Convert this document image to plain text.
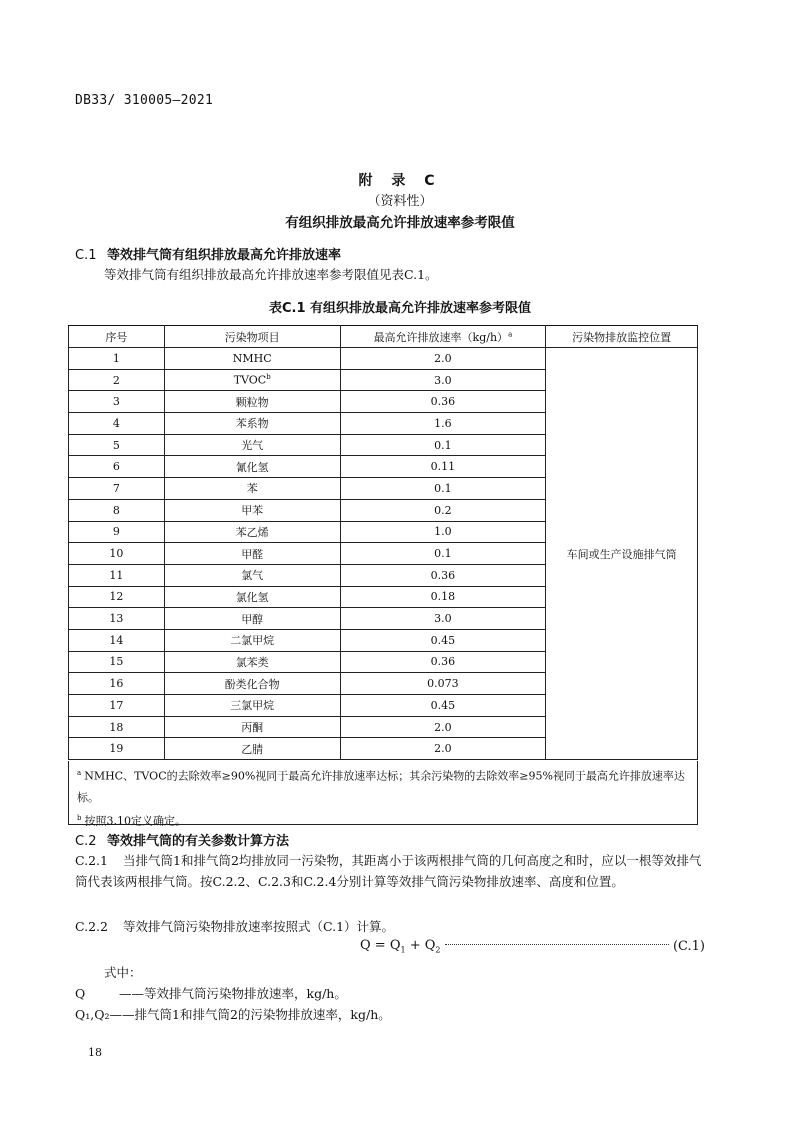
DB33/ 310005—2021
附 录 C
（资料性）
有组织排放最高允许排放速率参考限值
C.1 等效排气筒有组织排放最高允许排放速率
等效排气筒有组织排放最高允许排放速率参考限值见表C.1。
表C.1 有组织排放最高允许排放速率参考限值
序号	污染物项目	最高允许排放速率$(kg/h)^a$	污染物排放监控位置
1	NMHC	2.0	车间或生产设施排气筒
2	TVOC$^b$	3.0	
3	颗粒物	0.36	
4	苯系物	1.6	
5	光气	0.1	
6	氰化氢	0.11	
7	苯	0.1	
8	甲苯	0.2	
9	苯乙烯	1.0	
10	甲醛	0.1	
11	氯气	0.36	
12	氯化氢	0.18	
13	甲醇	3.0	
14	二氯甲烷	0.45	
15	氯苯类	0.36	
16	酚类化合物	0.073	
17	三氯甲烷	0.45	
18	丙酮	2.0	
19	乙腈	2.0	
$^a$ NMHC、TVOC的去除效率≥90%视同于最高允许排放速率达标；其余污染物的去除效率≥95%视同于最高允许排放速率达标。
$^b$ 按照3.10定义确定。
C.2 等效排气筒的有关参数计算方法
C.2.1 当排气筒1和排气筒2均排放同一污染物，其距离小于该两根排气筒的几何高度之和时，应以一根等效排气筒代表该两根排气筒。按C.2.2、C.2.3和C.2.4分别计算等效排气筒污染物排放速率、高度和位置。
C.2.2 等效排气筒污染物排放速率按照式（C.1）计算。
$Q = Q_1 + Q_2$	(C.1)
式中：
Q	——等效排气筒污染物排放速率，kg/h。
Q₁,Q₂——排气筒1和排气筒2的污染物排放速率，kg/h。
18
